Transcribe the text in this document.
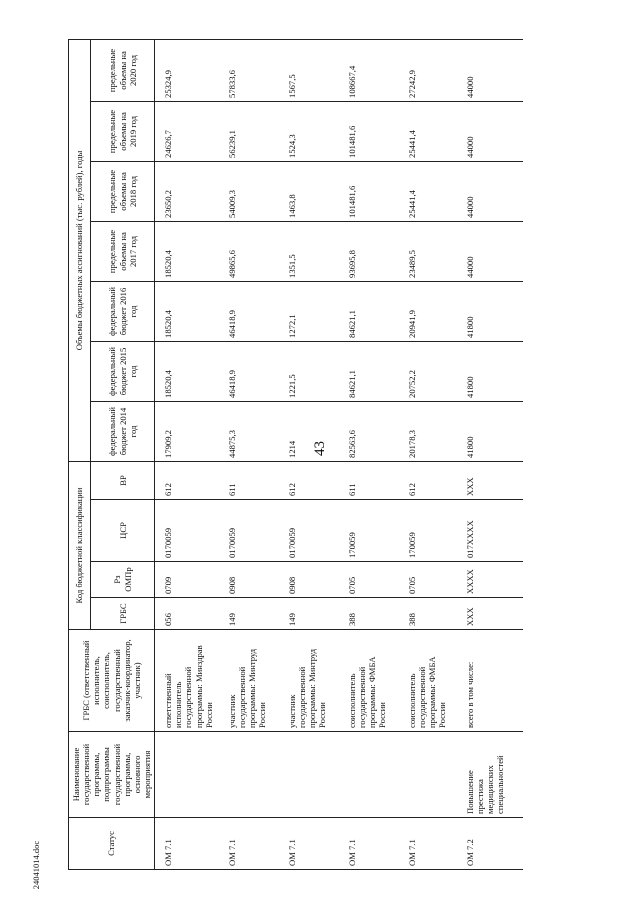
43
Статус	Наименование государственной программы, подпрограммы государственной программы, основного мероприятия	ГРБС (ответственный исполнитель, соисполнитель, государственный заказчик-координатор, участник)	Код бюджетной классификации				Объемы бюджетных ассигнований (тыс. рублей), годы						
			ГРБС	Рз ОМПр	ЦСР	ВР	федеральный бюджет 2014 год	федеральный бюджет 2015 год	федеральный бюджет 2016 год	предельные объемы на 2017 год	предельные объемы на 2018 год	предельные объемы на 2019 год	предельные объемы на 2020 год
ОМ 7.1		ответственный исполнитель государственной программы: Минздрав России	056	0709	0170059	612	17909,2	18520,4	18520,4	18520,4	23650,2	24626,7	25324,9
ОМ 7.1		участник государственной программы: Минтруд России	149	0908	0170059	611	44875,3	46418,9	46418,9	49865,6	54009,3	56239,1	57833,6
ОМ 7.1		участник государственной программы: Минтруд России	149	0908	0170059	612	1214	1221,5	1272,1	1351,5	1463,8	1524,3	1567,5
ОМ 7.1		соисполнитель государственной программы: ФМБА России	388	0705	170059	611	82563,6	84621,1	84621,1	93695,8	101481,6	101481,6	108667,4
ОМ 7.1		соисполнитель государственной программы: ФМБА России	388	0705	170059	612	20178,3	20752,2	20941,9	23489,5	25441,4	25441,4	27242,9
ОМ 7.2	Повышение престижа медицинских специальностей	всего в том числе:	XXX	XXXX	017XXXX	XXX	41800	41800	41800	44000	44000	44000	44000
24041014.doc
